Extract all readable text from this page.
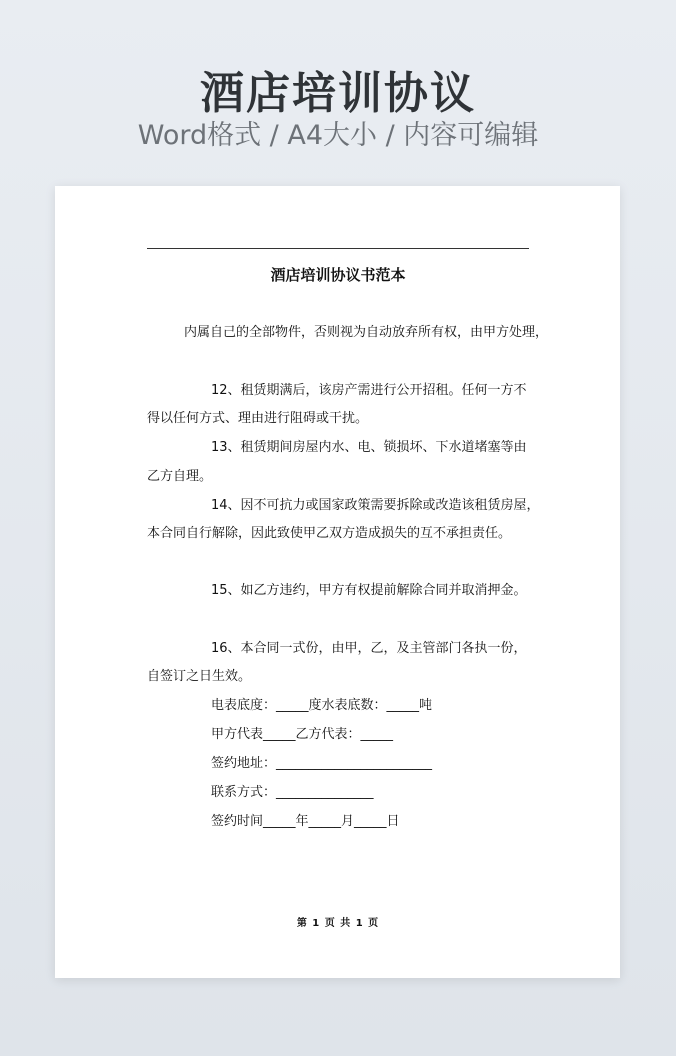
酒店培训协议
Word格式 / A4大小 / 内容可编辑
酒店培训协议书范本
内属自己的全部物件，否则视为自动放弃所有权，由甲方处理，
12、租赁期满后，该房产需进行公开招租。任何一方不
得以任何方式、理由进行阻碍或干扰。
13、租赁期间房屋内水、电、锁损坏、下水道堵塞等由
乙方自理。
14、因不可抗力或国家政策需要拆除或改造该租赁房屋，
本合同自行解除，因此致使甲乙双方造成损失的互不承担责任。
15、如乙方违约，甲方有权提前解除合同并取消押金。
16、本合同一式份，由甲，乙，及主管部门各执一份，
自签订之日生效。
电表底度：_____度水表底数：_____吨
甲方代表_____乙方代表：_____
签约地址：________________________
联系方式：_______________
签约时间_____年_____月_____日
第 1 页 共 1 页
